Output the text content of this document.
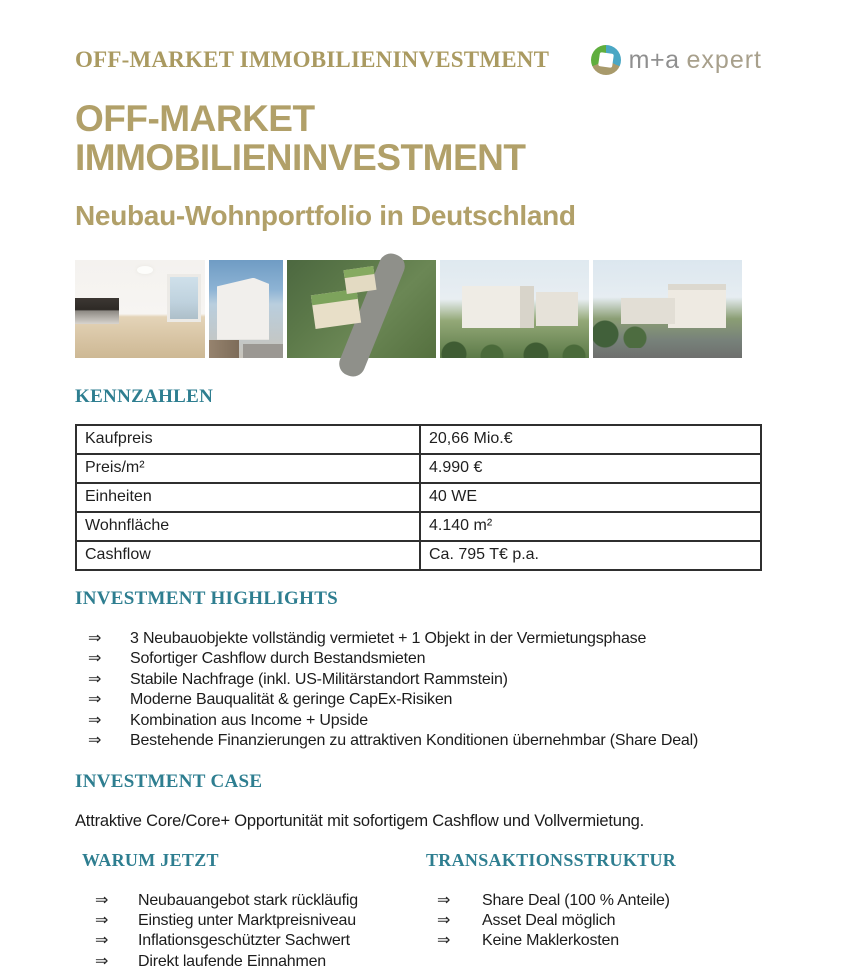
OFF-MARKET IMMOBILIENINVESTMENT	m+a expert
OFF-MARKET IMMOBILIENINVESTMENT
Neubau-Wohnportfolio in Deutschland
KENNZAHLEN
Kaufpreis	20,66 Mio.€
Preis/m²	4.990 €
Einheiten	40 WE
Wohnfläche	4.140 m²
Cashflow	Ca. 795 T€ p.a.
INVESTMENT HIGHLIGHTS
⇒	3 Neubauobjekte vollständig vermietet + 1 Objekt in der Vermietungsphase
⇒	Sofortiger Cashflow durch Bestandsmieten
⇒	Stabile Nachfrage (inkl. US-Militärstandort Rammstein)
⇒	Moderne Bauqualität & geringe CapEx-Risiken
⇒	Kombination aus Income + Upside
⇒	Bestehende Finanzierungen zu attraktiven Konditionen übernehmbar (Share Deal)
INVESTMENT CASE
Attraktive Core/Core+ Opportunität mit sofortigem Cashflow und Vollvermietung.
WARUM JETZT
⇒	Neubauangebot stark rückläufig
⇒	Einstieg unter Marktpreisniveau
⇒	Inflationsgeschützter Sachwert
⇒	Direkt laufende Einnahmen
TRANSAKTIONSSTRUKTUR
⇒	Share Deal (100 % Anteile)
⇒	Asset Deal möglich
⇒	Keine Maklerkosten
